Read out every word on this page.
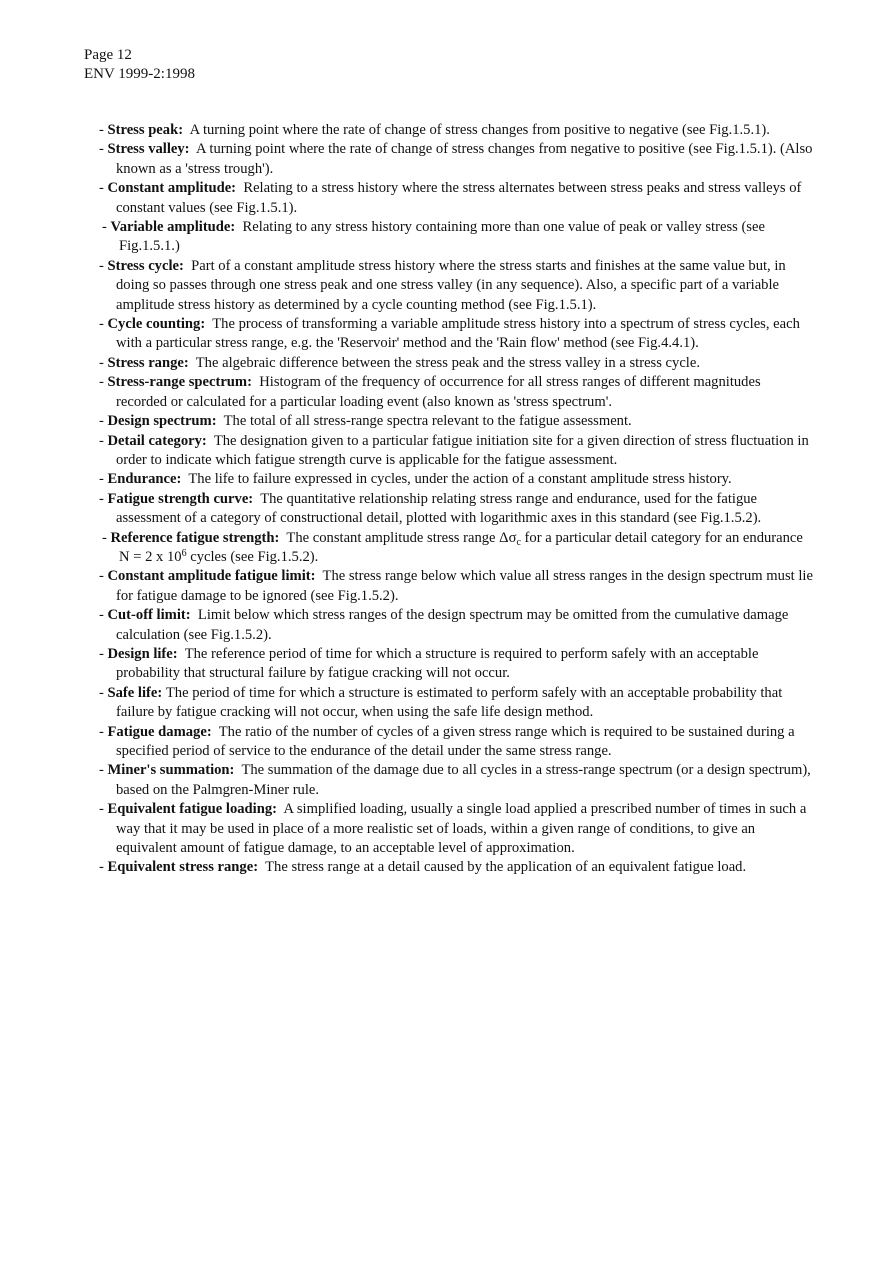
Page 12
ENV 1999-2:1998
- Stress peak: A turning point where the rate of change of stress changes from positive to negative (see Fig.1.5.1).
- Stress valley: A turning point where the rate of change of stress changes from negative to positive (see Fig.1.5.1). (Also known as a 'stress trough').
- Constant amplitude: Relating to a stress history where the stress alternates between stress peaks and stress valleys of constant values (see Fig.1.5.1).
- Variable amplitude: Relating to any stress history containing more than one value of peak or valley stress (see Fig.1.5.1.)
- Stress cycle: Part of a constant amplitude stress history where the stress starts and finishes at the same value but, in doing so passes through one stress peak and one stress valley (in any sequence). Also, a specific part of a variable amplitude stress history as determined by a cycle counting method (see Fig.1.5.1).
- Cycle counting: The process of transforming a variable amplitude stress history into a spectrum of stress cycles, each with a particular stress range, e.g. the 'Reservoir' method and the 'Rain flow' method (see Fig.4.4.1).
- Stress range: The algebraic difference between the stress peak and the stress valley in a stress cycle.
- Stress-range spectrum: Histogram of the frequency of occurrence for all stress ranges of different magnitudes recorded or calculated for a particular loading event (also known as 'stress spectrum'.
- Design spectrum: The total of all stress-range spectra relevant to the fatigue assessment.
- Detail category: The designation given to a particular fatigue initiation site for a given direction of stress fluctuation in order to indicate which fatigue strength curve is applicable for the fatigue assessment.
- Endurance: The life to failure expressed in cycles, under the action of a constant amplitude stress history.
- Fatigue strength curve: The quantitative relationship relating stress range and endurance, used for the fatigue assessment of a category of constructional detail, plotted with logarithmic axes in this standard (see Fig.1.5.2).
- Reference fatigue strength: The constant amplitude stress range $\Delta\sigma_c$ for a particular detail category for an endurance N = 2 x $10^6$ cycles (see Fig.1.5.2).
- Constant amplitude fatigue limit: The stress range below which value all stress ranges in the design spectrum must lie for fatigue damage to be ignored (see Fig.1.5.2).
- Cut-off limit: Limit below which stress ranges of the design spectrum may be omitted from the cumulative damage calculation (see Fig.1.5.2).
- Design life: The reference period of time for which a structure is required to perform safely with an acceptable probability that structural failure by fatigue cracking will not occur.
- Safe life: The period of time for which a structure is estimated to perform safely with an acceptable probability that failure by fatigue cracking will not occur, when using the safe life design method.
- Fatigue damage: The ratio of the number of cycles of a given stress range which is required to be sustained during a specified period of service to the endurance of the detail under the same stress range.
- Miner's summation: The summation of the damage due to all cycles in a stress-range spectrum (or a design spectrum), based on the Palmgren-Miner rule.
- Equivalent fatigue loading: A simplified loading, usually a single load applied a prescribed number of times in such a way that it may be used in place of a more realistic set of loads, within a given range of conditions, to give an equivalent amount of fatigue damage, to an acceptable level of approximation.
- Equivalent stress range: The stress range at a detail caused by the application of an equivalent fatigue load.
